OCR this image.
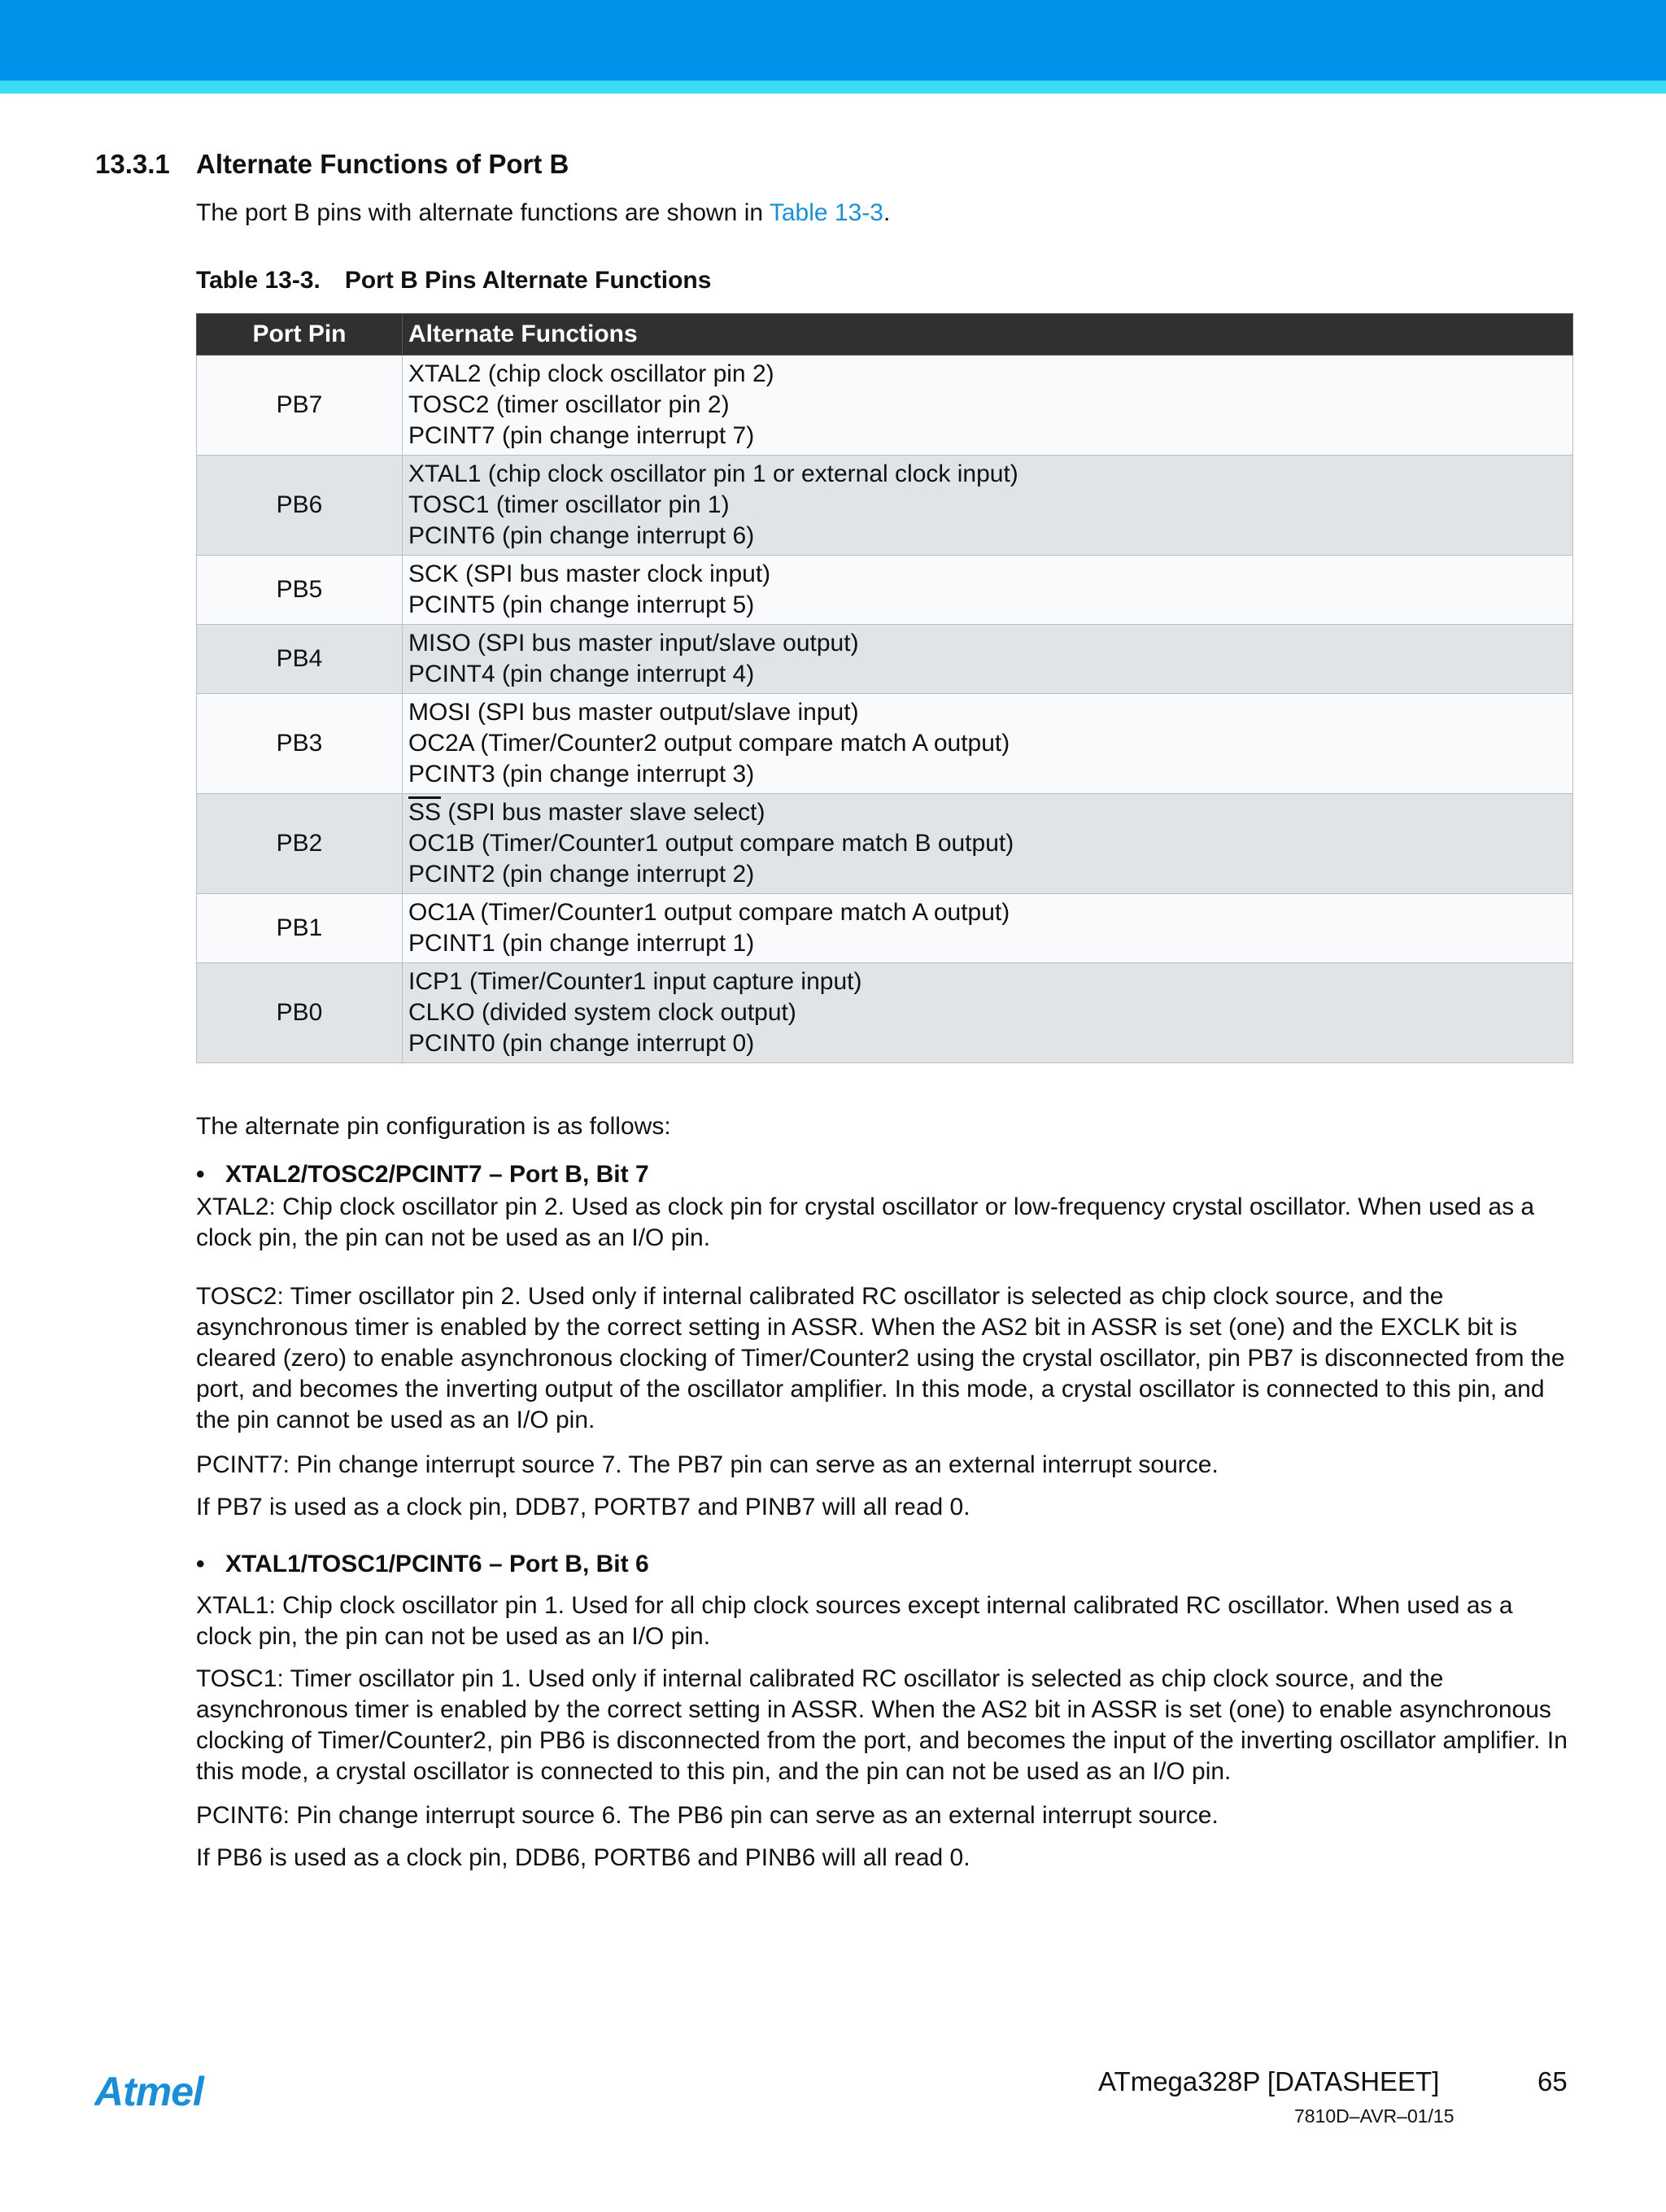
13.3.1 Alternate Functions of Port B
The port B pins with alternate functions are shown in Table 13-3.
Table 13-3. Port B Pins Alternate Functions
Port Pin	Alternate Functions
PB7	XTAL2 (chip clock oscillator pin 2)
TOSC2 (timer oscillator pin 2)
PCINT7 (pin change interrupt 7)

PB6	XTAL1 (chip clock oscillator pin 1 or external clock input)
TOSC1 (timer oscillator pin 1)
PCINT6 (pin change interrupt 6)

PB5	SCK (SPI bus master clock input)
PCINT5 (pin change interrupt 5)

PB4	MISO (SPI bus master input/slave output)
PCINT4 (pin change interrupt 4)

PB3	MOSI (SPI bus master output/slave input)
OC2A (Timer/Counter2 output compare match A output)
PCINT3 (pin change interrupt 3)

PB2	$\overline{SS}$ (SPI bus master slave select)
OC1B (Timer/Counter1 output compare match B output)
PCINT2 (pin change interrupt 2)

PB1	OC1A (Timer/Counter1 output compare match A output)
PCINT1 (pin change interrupt 1)

PB0	ICP1 (Timer/Counter1 input capture input)
CLKO (divided system clock output)
PCINT0 (pin change interrupt 0)
The alternate pin configuration is as follows:
• XTAL2/TOSC2/PCINT7 – Port B, Bit 7
XTAL2: Chip clock oscillator pin 2. Used as clock pin for crystal oscillator or low-frequency crystal oscillator. When used as a clock pin, the pin can not be used as an I/O pin.
TOSC2: Timer oscillator pin 2. Used only if internal calibrated RC oscillator is selected as chip clock source, and the asynchronous timer is enabled by the correct setting in ASSR. When the AS2 bit in ASSR is set (one) and the EXCLK bit is cleared (zero) to enable asynchronous clocking of Timer/Counter2 using the crystal oscillator, pin PB7 is disconnected from the port, and becomes the inverting output of the oscillator amplifier. In this mode, a crystal oscillator is connected to this pin, and the pin cannot be used as an I/O pin.
PCINT7: Pin change interrupt source 7. The PB7 pin can serve as an external interrupt source.
If PB7 is used as a clock pin, DDB7, PORTB7 and PINB7 will all read 0.
• XTAL1/TOSC1/PCINT6 – Port B, Bit 6
XTAL1: Chip clock oscillator pin 1. Used for all chip clock sources except internal calibrated RC oscillator. When used as a clock pin, the pin can not be used as an I/O pin.
TOSC1: Timer oscillator pin 1. Used only if internal calibrated RC oscillator is selected as chip clock source, and the asynchronous timer is enabled by the correct setting in ASSR. When the AS2 bit in ASSR is set (one) to enable asynchronous clocking of Timer/Counter2, pin PB6 is disconnected from the port, and becomes the input of the inverting oscillator amplifier. In this mode, a crystal oscillator is connected to this pin, and the pin can not be used as an I/O pin.
PCINT6: Pin change interrupt source 6. The PB6 pin can serve as an external interrupt source.
If PB6 is used as a clock pin, DDB6, PORTB6 and PINB6 will all read 0.
Atmel	ATmega328P [DATASHEET]	65
7810D–AVR–01/15
